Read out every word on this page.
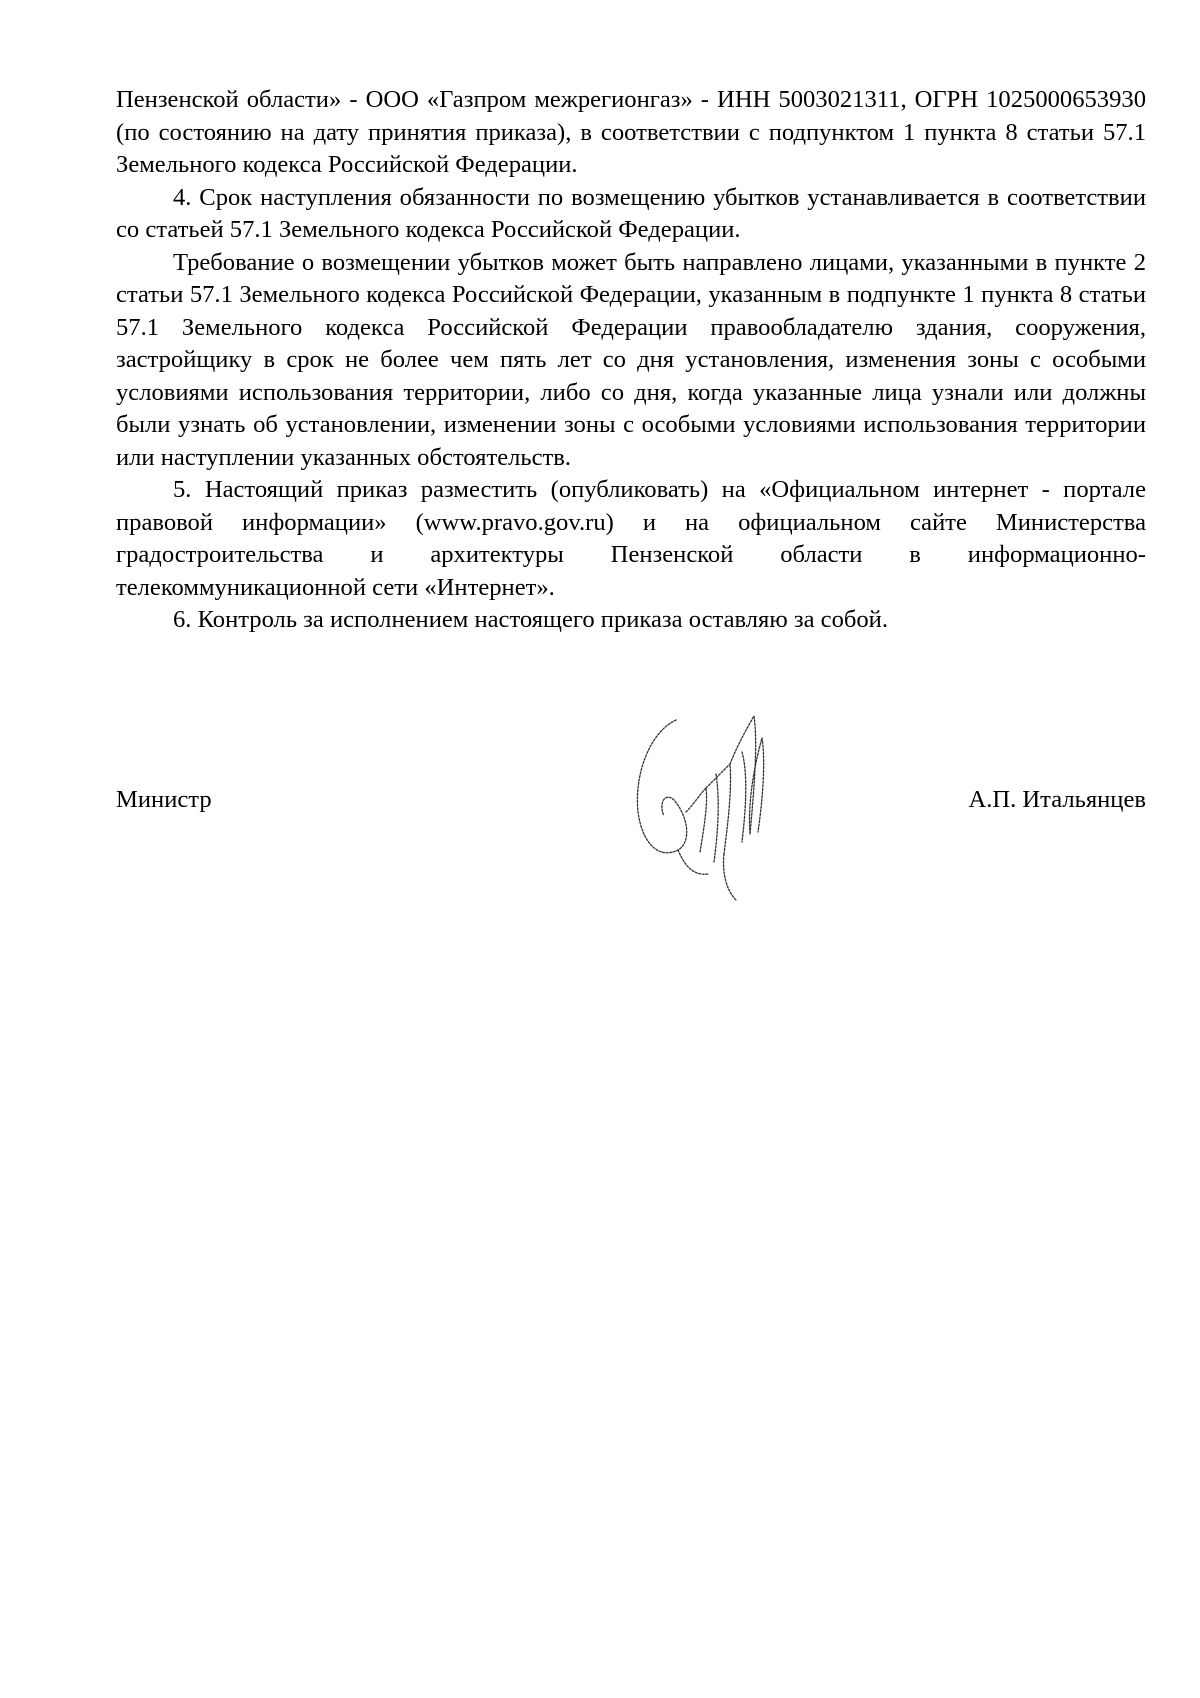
Пензенской области» - ООО «Газпром межрегионгаз» - ИНН 5003021311, ОГРН 1025000653930 (по состоянию на дату принятия приказа), в соответствии с подпунктом 1 пункта 8 статьи 57.1 Земельного кодекса Российской Федерации.

4. Срок наступления обязанности по возмещению убытков устанавливается в соответствии со статьей 57.1 Земельного кодекса Российской Федерации.

Требование о возмещении убытков может быть направлено лицами, указанными в пункте 2 статьи 57.1 Земельного кодекса Российской Федерации, указанным в подпункте 1 пункта 8 статьи 57.1 Земельного кодекса Российской Федерации правообладателю здания, сооружения, застройщику в срок не более чем пять лет со дня установления, изменения зоны с особыми условиями использования территории, либо со дня, когда указанные лица узнали или должны были узнать об установлении, изменении зоны с особыми условиями использования территории или наступлении указанных обстоятельств.

5. Настоящий приказ разместить (опубликовать) на «Официальном интернет - портале правовой информации» (www.pravo.gov.ru) и на официальном сайте Министерства градостроительства и архитектуры Пензенской области в информационно-телекоммуникационной сети «Интернет».

6. Контроль за исполнением настоящего приказа оставляю за собой.

Министр	А.П. Итальянцев
